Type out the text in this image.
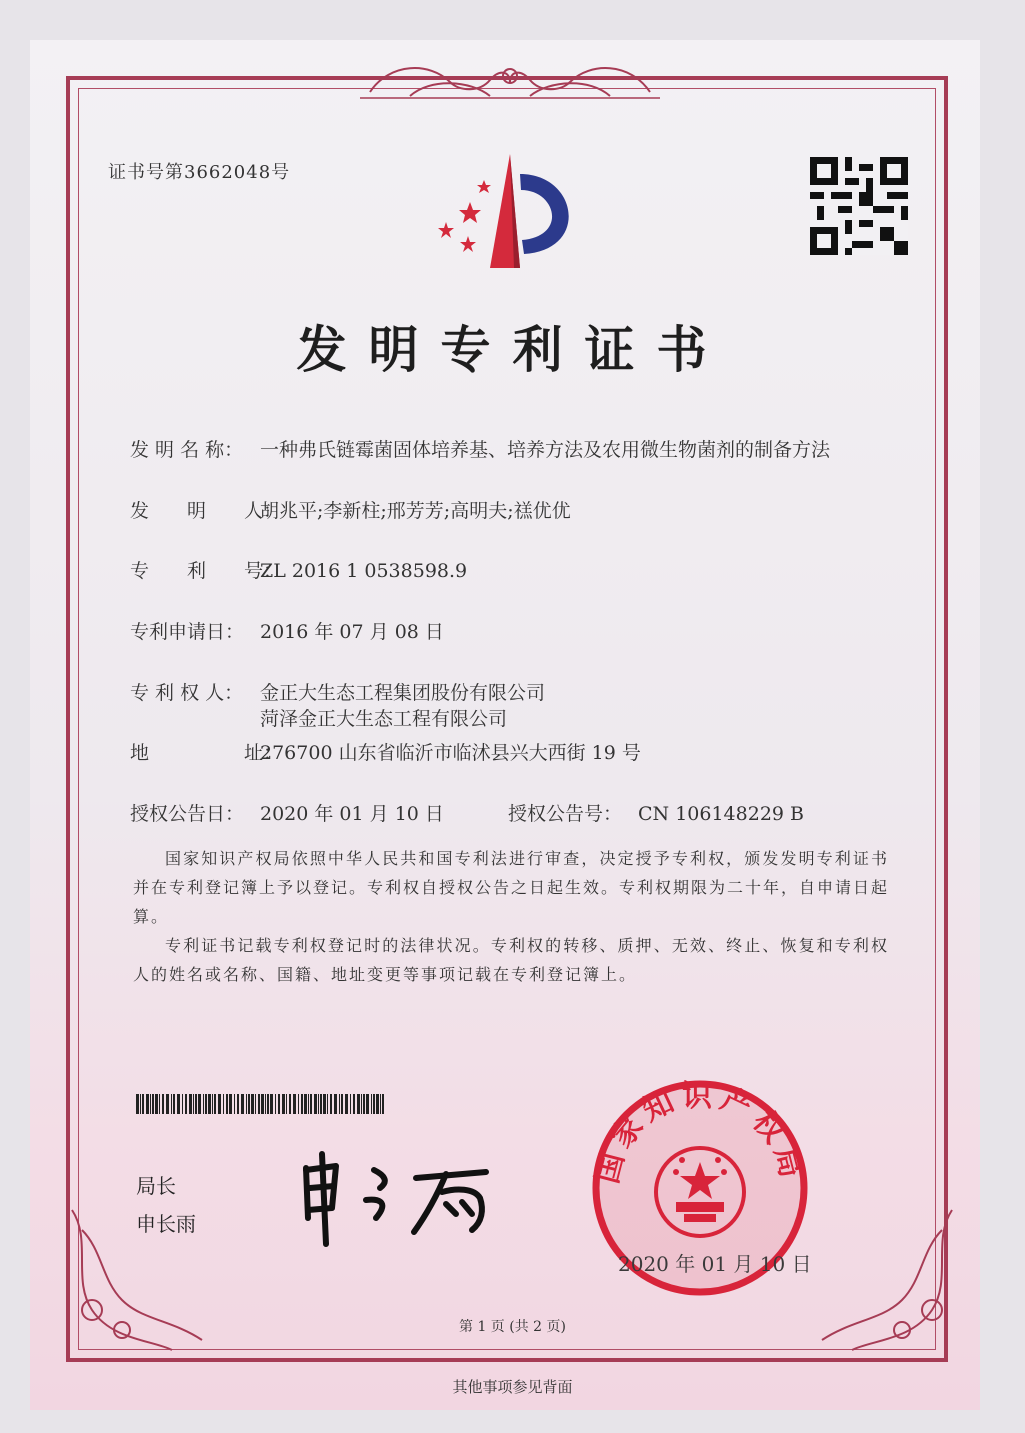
证书号第3662048号
发明专利证书
发 明 名 称： 一种弗氏链霉菌固体培养基、培养方法及农用微生物菌剂的制备方法
发　　明　　人：胡兆平;李新柱;邢芳芳;高明夫;禚优优
专　　利　　号：ZL 2016 1 0538598.9
专利申请日： 2016 年 07 月 08 日
专 利 权 人： 金正大生态工程集团股份有限公司
菏泽金正大生态工程有限公司
地　　　　　址：276700 山东省临沂市临沭县兴大西街 19 号
授权公告日： 2020 年 01 月 10 日	授权公告号： CN 106148229 B

国家知识产权局依照中华人民共和国专利法进行审查，决定授予专利权，颁发发明专利证书并在专利登记簿上予以登记。专利权自授权公告之日起生效。专利权期限为二十年，自申请日起算。

专利证书记载专利权登记时的法律状况。专利权的转移、质押、无效、终止、恢复和专利权人的姓名或名称、国籍、地址变更等事项记载在专利登记簿上。

局长
申长雨
国家知识产权局
2020 年 01 月 10 日
第 1 页 (共 2 页)
其他事项参见背面
